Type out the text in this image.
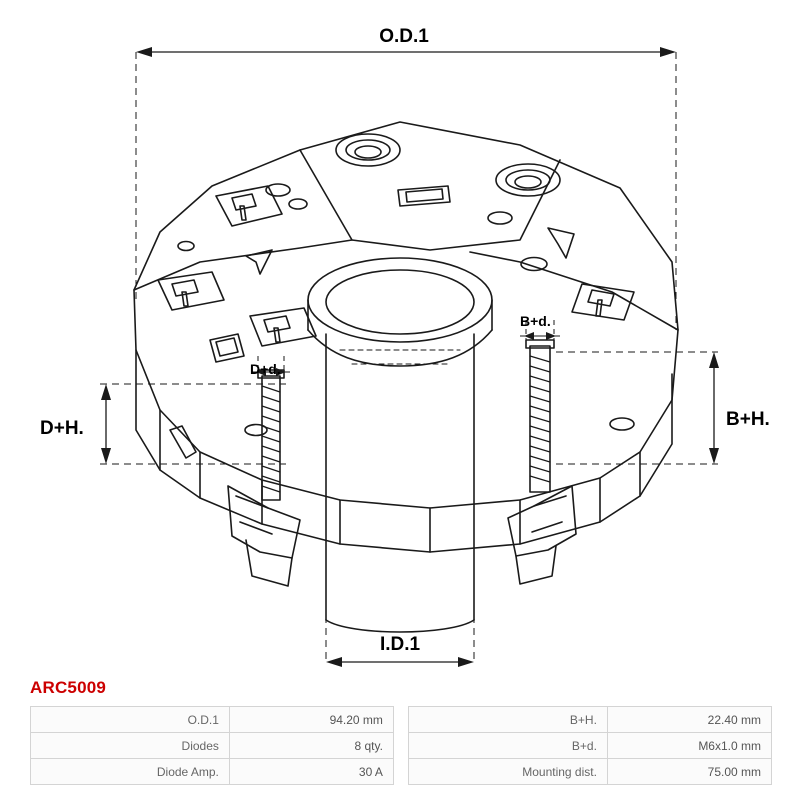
O.D.1
I.D.1
B+H.
D+H.
B+d.
D+d.
ARC5009
O.D.1	94.20 mm		B+H.	22.40 mm
Diodes	8 qty.		B+d.	M6x1.0 mm
Diode Amp.	30 A		Mounting dist.	75.00 mm
